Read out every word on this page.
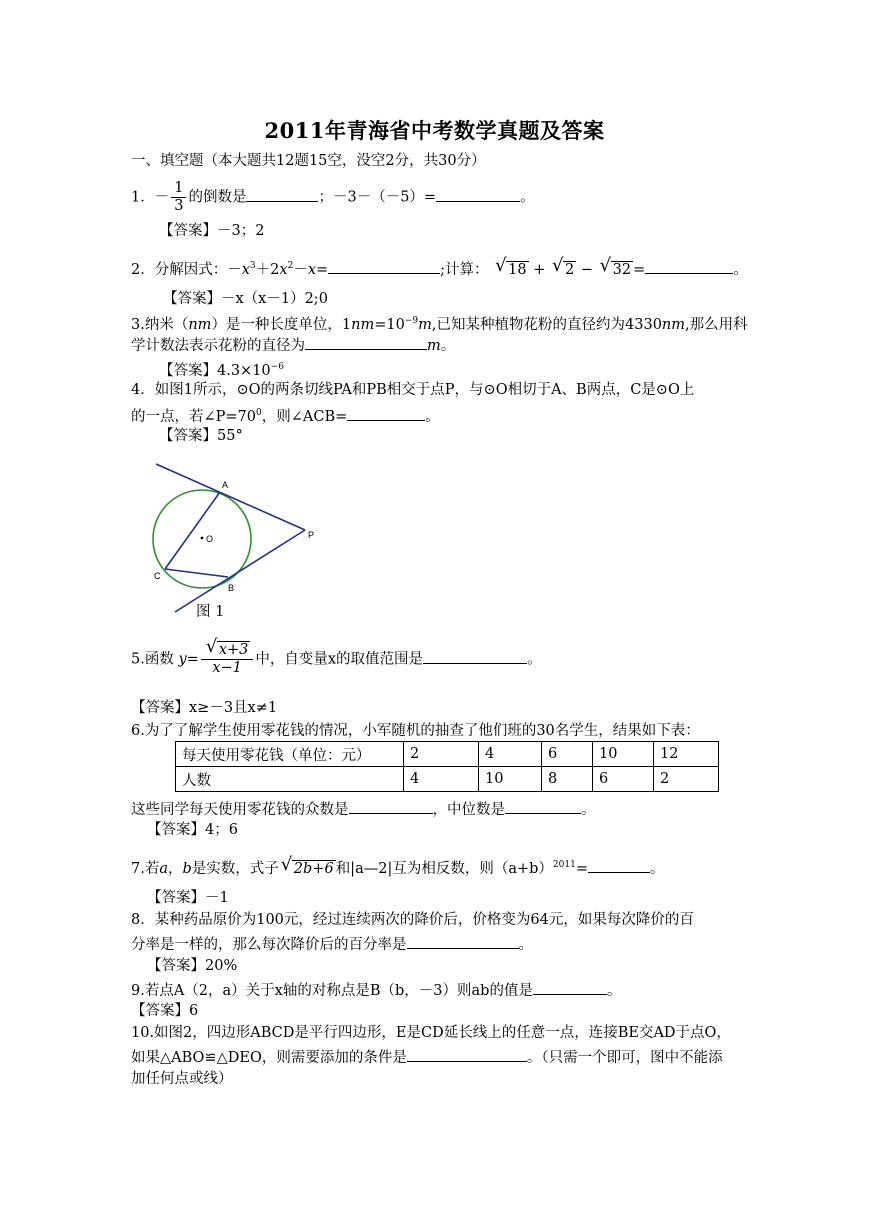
2011年青海省中考数学真题及答案
一、填空题（本大题共12题15空，没空2分，共30分）
1．－ $\frac{1}{3}$ 的倒数是	；－3－（－5）=	。
【答案】－3；2
2．分解因式：$-x^3+2x^2-x=$	;计算： √ 18 + √ 2 − √ 32 =	。
【答案】－x（x－1）2;0
3.纳米（nm）是一种长度单位，$1nm=10^{-9}m$,已知某种植物花粉的直径约为4330nm,那么用科
学计数法表示花粉的直径为	m。
【答案】$4.3\times 10^{-6}$
4．如图1所示，⊙O的两条切线PA和PB相交于点P，与⊙O相切于A、B两点，C是⊙O上
的一点，若$\angle P=70^0$，则∠ACB=	。
【答案】55°
A
B
C
O	P
图 1
5.函数 $y= \frac{√ x+3}{x-1}$ 中，自变量x的取值范围是	。
【答案】x≥－3且x≠1
6.为了了解学生使用零花钱的情况，小军随机的抽查了他们班的30名学生，结果如下表：
每天使用零花钱（单位：元）	2	4	6	10	12
人数	4	10	8	6	2
这些同学每天使用零花钱的众数是	，中位数是	。
【答案】4；6
7.若a，b是实数，式子 √ 2b+6 和|a—2|互为相反数，则$(a+b)^{2011}=$	。
【答案】－1
8．某种药品原价为100元，经过连续两次的降价后，价格变为64元，如果每次降价的百
分率是一样的，那么每次降价后的百分率是	。
【答案】20%
9.若点A（2，a）关于x轴的对称点是B（b，－3）则ab的值是	。
【答案】6
10.如图2，四边形ABCD是平行四边形，E是CD延长线上的任意一点，连接BE交AD于点O，
如果△ABO≌△DEO，则需要添加的条件是	。（只需一个即可，图中不能添
加任何点或线）
